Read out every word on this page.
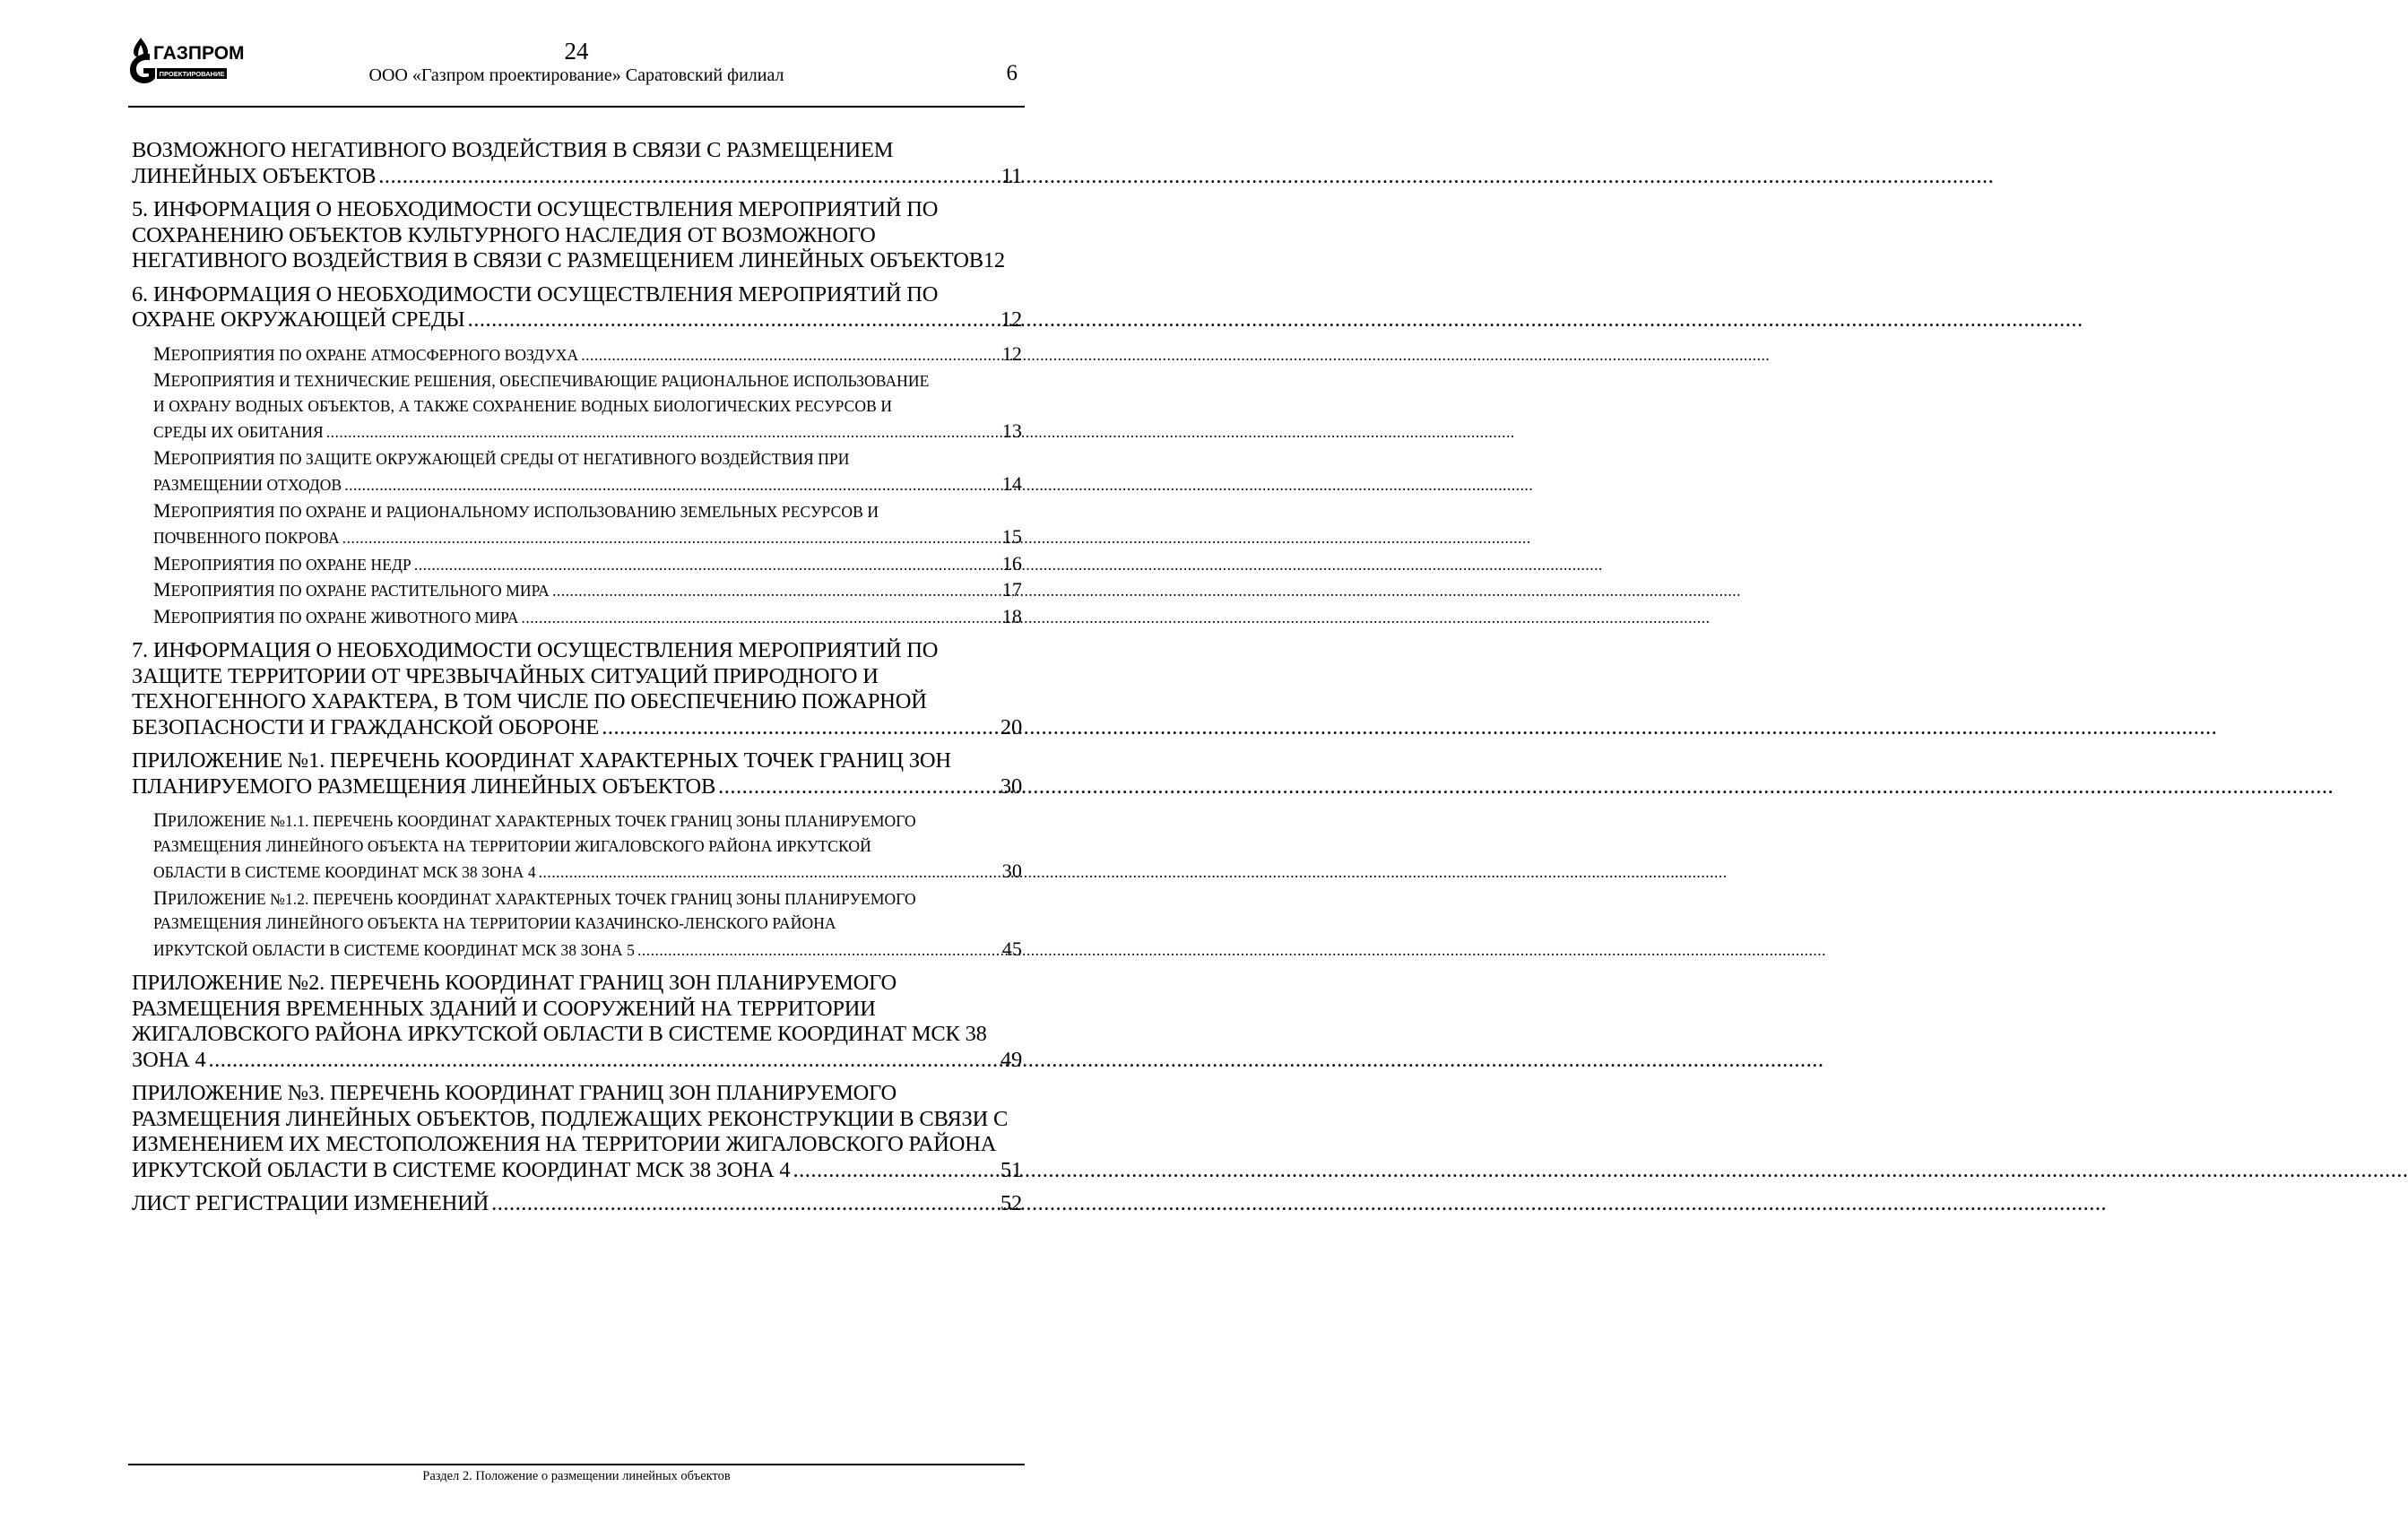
ГАЗПРОМ
ПРОЕКТИРОВАНИЕ
24
ООО «Газпром проектирование» Саратовский филиал	6
ВОЗМОЖНОГО НЕГАТИВНОГО ВОЗДЕЙСТВИЯ В СВЯЗИ С РАЗМЕЩЕНИЕМ
ЛИНЕЙНЫХ ОБЪЕКТОВ .....	11
5. ИНФОРМАЦИЯ О НЕОБХОДИМОСТИ ОСУЩЕСТВЛЕНИЯ МЕРОПРИЯТИЙ ПО
СОХРАНЕНИЮ ОБЪЕКТОВ КУЛЬТУРНОГО НАСЛЕДИЯ ОТ ВОЗМОЖНОГО
НЕГАТИВНОГО ВОЗДЕЙСТВИЯ В СВЯЗИ С РАЗМЕЩЕНИЕМ ЛИНЕЙНЫХ ОБЪЕКТОВ 12
6. ИНФОРМАЦИЯ О НЕОБХОДИМОСТИ ОСУЩЕСТВЛЕНИЯ МЕРОПРИЯТИЙ ПО
ОХРАНЕ ОКРУЖАЮЩЕЙ СРЕДЫ .....	12
МЕРОПРИЯТИЯ ПО ОХРАНЕ АТМОСФЕРНОГО ВОЗДУХА .....	12
МЕРОПРИЯТИЯ И ТЕХНИЧЕСКИЕ РЕШЕНИЯ, ОБЕСПЕЧИВАЮЩИЕ РАЦИОНАЛЬНОЕ ИСПОЛЬЗОВАНИЕ
И ОХРАНУ ВОДНЫХ ОБЪЕКТОВ, А ТАКЖЕ СОХРАНЕНИЕ ВОДНЫХ БИОЛОГИЧЕСКИХ РЕСУРСОВ И
СРЕДЫ ИХ ОБИТАНИЯ .....	13
МЕРОПРИЯТИЯ ПО ЗАЩИТЕ ОКРУЖАЮЩЕЙ СРЕДЫ ОТ НЕГАТИВНОГО ВОЗДЕЙСТВИЯ ПРИ
РАЗМЕЩЕНИИ ОТХОДОВ .....	14
МЕРОПРИЯТИЯ ПО ОХРАНЕ И РАЦИОНАЛЬНОМУ ИСПОЛЬЗОВАНИЮ ЗЕМЕЛЬНЫХ РЕСУРСОВ И
ПОЧВЕННОГО ПОКРОВА .....	15
МЕРОПРИЯТИЯ ПО ОХРАНЕ НЕДР .....	16
МЕРОПРИЯТИЯ ПО ОХРАНЕ РАСТИТЕЛЬНОГО МИРА .....	17
МЕРОПРИЯТИЯ ПО ОХРАНЕ ЖИВОТНОГО МИРА .....	18
7. ИНФОРМАЦИЯ О НЕОБХОДИМОСТИ ОСУЩЕСТВЛЕНИЯ МЕРОПРИЯТИЙ ПО
ЗАЩИТЕ ТЕРРИТОРИИ ОТ ЧРЕЗВЫЧАЙНЫХ СИТУАЦИЙ ПРИРОДНОГО И
ТЕХНОГЕННОГО ХАРАКТЕРА, В ТОМ ЧИСЛЕ ПО ОБЕСПЕЧЕНИЮ ПОЖАРНОЙ
БЕЗОПАСНОСТИ И ГРАЖДАНСКОЙ ОБОРОНЕ .....	20
ПРИЛОЖЕНИЕ №1. ПЕРЕЧЕНЬ КООРДИНАТ ХАРАКТЕРНЫХ ТОЧЕК ГРАНИЦ ЗОН
ПЛАНИРУЕМОГО РАЗМЕЩЕНИЯ ЛИНЕЙНЫХ ОБЪЕКТОВ .....	30
ПРИЛОЖЕНИЕ №1.1. ПЕРЕЧЕНЬ КООРДИНАТ ХАРАКТЕРНЫХ ТОЧЕК ГРАНИЦ ЗОНЫ ПЛАНИРУЕМОГО
РАЗМЕЩЕНИЯ ЛИНЕЙНОГО ОБЪЕКТА НА ТЕРРИТОРИИ ЖИГАЛОВСКОГО РАЙОНА ИРКУТСКОЙ
ОБЛАСТИ В СИСТЕМЕ КООРДИНАТ МСК 38 ЗОНА 4 .....	30
ПРИЛОЖЕНИЕ №1.2. ПЕРЕЧЕНЬ КООРДИНАТ ХАРАКТЕРНЫХ ТОЧЕК ГРАНИЦ ЗОНЫ ПЛАНИРУЕМОГО
РАЗМЕЩЕНИЯ ЛИНЕЙНОГО ОБЪЕКТА НА ТЕРРИТОРИИ КАЗАЧИНСКО-ЛЕНСКОГО РАЙОНА
ИРКУТСКОЙ ОБЛАСТИ В СИСТЕМЕ КООРДИНАТ МСК 38 ЗОНА 5 .....	45
ПРИЛОЖЕНИЕ №2. ПЕРЕЧЕНЬ КООРДИНАТ ГРАНИЦ ЗОН ПЛАНИРУЕМОГО
РАЗМЕЩЕНИЯ ВРЕМЕННЫХ ЗДАНИЙ И СООРУЖЕНИЙ НА ТЕРРИТОРИИ
ЖИГАЛОВСКОГО РАЙОНА ИРКУТСКОЙ ОБЛАСТИ В СИСТЕМЕ КООРДИНАТ МСК 38
ЗОНА 4 .....	49
ПРИЛОЖЕНИЕ №3. ПЕРЕЧЕНЬ КООРДИНАТ ГРАНИЦ ЗОН ПЛАНИРУЕМОГО
РАЗМЕЩЕНИЯ ЛИНЕЙНЫХ ОБЪЕКТОВ, ПОДЛЕЖАЩИХ РЕКОНСТРУКЦИИ В СВЯЗИ С
ИЗМЕНЕНИЕМ ИХ МЕСТОПОЛОЖЕНИЯ НА ТЕРРИТОРИИ ЖИГАЛОВСКОГО РАЙОНА
ИРКУТСКОЙ ОБЛАСТИ В СИСТЕМЕ КООРДИНАТ МСК 38 ЗОНА 4 .....	51
ЛИСТ РЕГИСТРАЦИИ ИЗМЕНЕНИЙ .....	52
Раздел 2. Положение о размещении линейных объектов
